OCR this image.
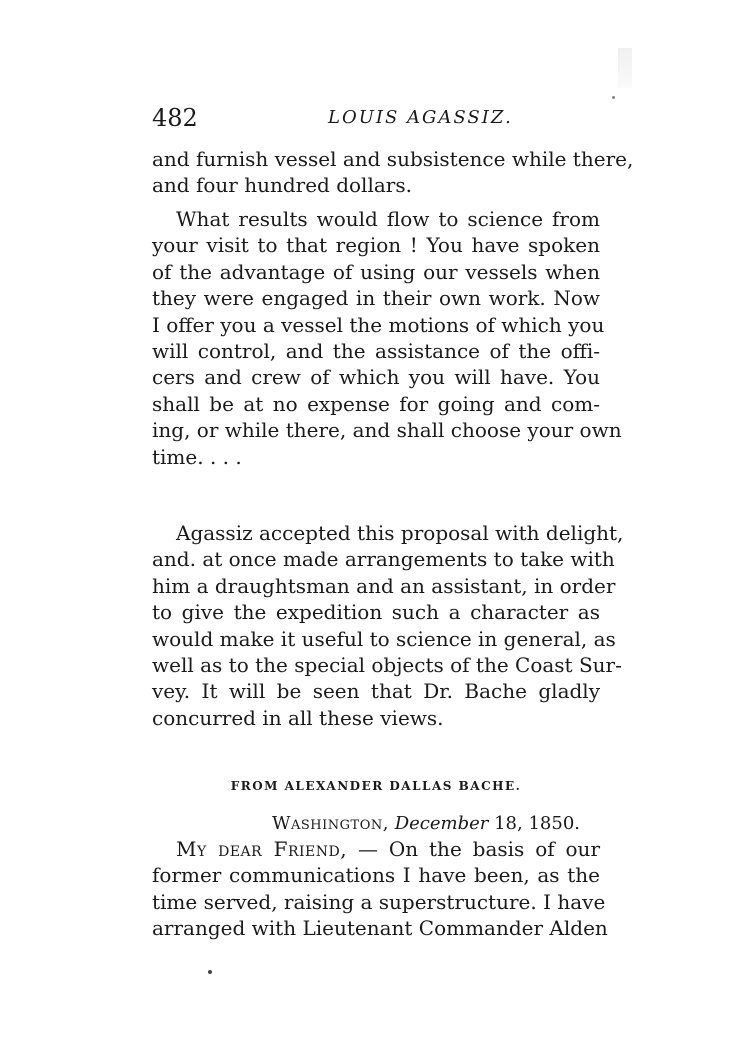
482	LOUIS AGASSIZ.
and furnish vessel and subsistence while there,
and four hundred dollars.
What results would flow to science from
your visit to that region ! You have spoken
of the advantage of using our vessels when
they were engaged in their own work. Now
I offer you a vessel the motions of which you
will control, and the assistance of the offi-
cers and crew of which you will have. You
shall be at no expense for going and com-
ing, or while there, and shall choose your own
time. . . .
Agassiz accepted this proposal with delight,
and. at once made arrangements to take with
him a draughtsman and an assistant, in order
to give the expedition such a character as
would make it useful to science in general, as
well as to the special objects of the Coast Sur-
vey. It will be seen that Dr. Bache gladly
concurred in all these views.
FROM ALEXANDER DALLAS BACHE.
Washington, December 18, 1850.
My dear Friend, — On the basis of our
former communications I have been, as the
time served, raising a superstructure. I have
arranged with Lieutenant Commander Alden
